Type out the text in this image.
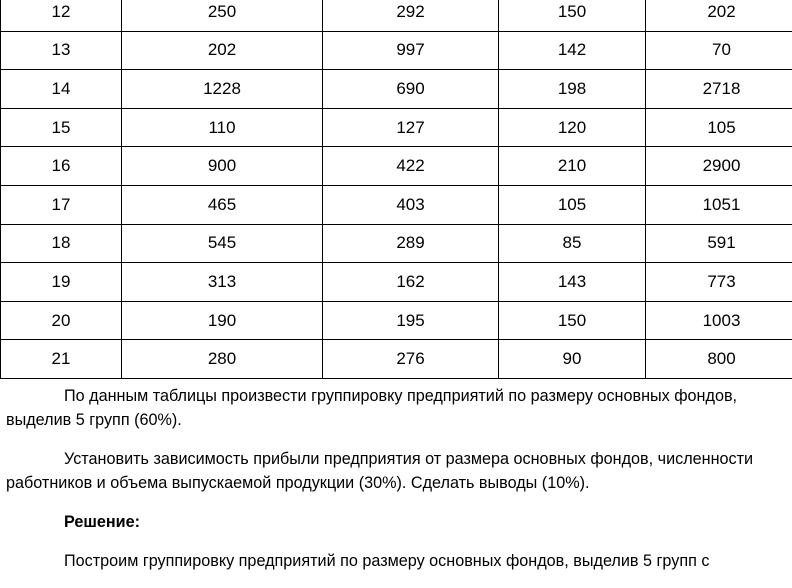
12	250	292	150	202
13	202	997	142	70
14	1228	690	198	2718
15	110	127	120	105
16	900	422	210	2900
17	465	403	105	1051
18	545	289	85	591
19	313	162	143	773
20	190	195	150	1003
21	280	276	90	800

По данным таблицы произвести группировку предприятий по размеру основных фондов, выделив 5 групп (60%).

Установить зависимость прибыли предприятия от размера основных фондов, численности работников и объема выпускаемой продукции (30%). Сделать выводы (10%).

Решение:

Построим группировку предприятий по размеру основных фондов, выделив 5 групп с
